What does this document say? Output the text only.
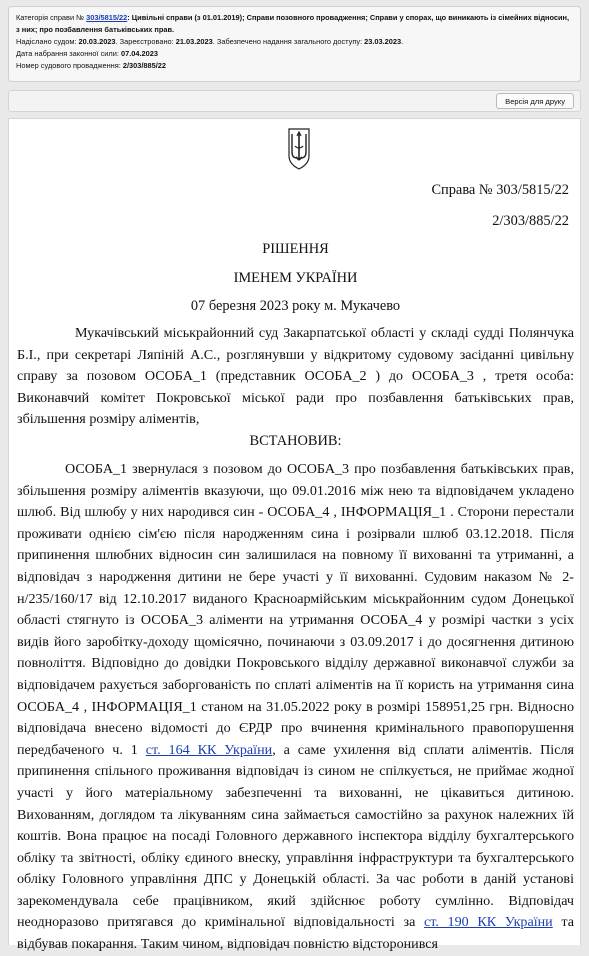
Категорія справи № 303/5815/22: Цивільні справи (з 01.01.2019); Справи позовного провадження; Справи у спорах, що виникають із сімейних відносин, з них; про позбавлення батьківських прав.
Надіслано судом: 20.03.2023. Зареєстровано: 21.03.2023. Забезпечено надання загального доступу: 23.03.2023.
Дата набрання законної сили: 07.04.2023
Номер судового провадження: 2/303/885/22
Версія для друку
Справа № 303/5815/22
2/303/885/22
РІШЕННЯ
ІМЕНЕМ УКРАЇНИ
07 березня 2023 року м. Мукачево

Мукачівський міськрайонний суд Закарпатської області у складі судді Полянчука Б.І., при секретарі Ляпіній А.С., розглянувши у відкритому судовому засіданні цивільну справу за позовом ОСОБА_1 (представник ОСОБА_2 ) до ОСОБА_3 , третя особа: Виконавчий комітет Покровської міської ради про позбавлення батьківських прав, збільшення розміру аліментів,

ВСТАНОВИВ:

ОСОБА_1 звернулася з позовом до ОСОБА_3 про позбавлення батьківських прав, збільшення розміру аліментів вказуючи, що 09.01.2016 між нею та відповідачем укладено шлюб. Від шлюбу у них народився син - ОСОБА_4 , ІНФОРМАЦІЯ_1 . Сторони перестали проживати однією сім'єю після народженням сина і розірвали шлюб 03.12.2018. Після припинення шлюбних відносин син залишилася на повному її вихованні та утриманні, а відповідач з народження дитини не бере участі у її вихованні. Судовим наказом № 2-н/235/160/17 від 12.10.2017 виданого Красноармійським міськрайонним судом Донецької області стягнуто із ОСОБА_3 аліменти на утримання ОСОБА_4 у розмірі частки з усіх видів його заробітку-доходу щомісячно, починаючи з 03.09.2017 і до досягнення дитиною повноліття. Відповідно до довідки Покровського відділу державної виконавчої служби за відповідачем рахується заборгованість по сплаті аліментів на її користь на утримання сина ОСОБА_4 , ІНФОРМАЦІЯ_1 станом на 31.05.2022 року в розмірі 158951,25 грн. Відносно відповідача внесено відомості до ЄРДР про вчинення кримінального правопорушення передбаченого ч. 1 ст. 164 КК України, а саме ухилення від сплати аліментів. Після припинення спільного проживання відповідач із сином не спілкується, не приймає жодної участі у його матеріальному забезпеченні та вихованні, не цікавиться дитиною. Вихованням, доглядом та лікуванням сина займається самостійно за рахунок належних їй коштів. Вона працює на посаді Головного державного інспектора відділу бухгалтерського обліку та звітності, обліку єдиного внеску, управління інфраструктури та бухгалтерського обліку Головного управління ДПС у Донецькій області. За час роботи в даній установі зарекомендувала себе працівником, який здійснює роботу сумлінно. Відповідач неодноразово притягався до кримінальної відповідальності за ст. 190 КК України та відбував покарання. Таким чином, відповідач повністю відсторонився
